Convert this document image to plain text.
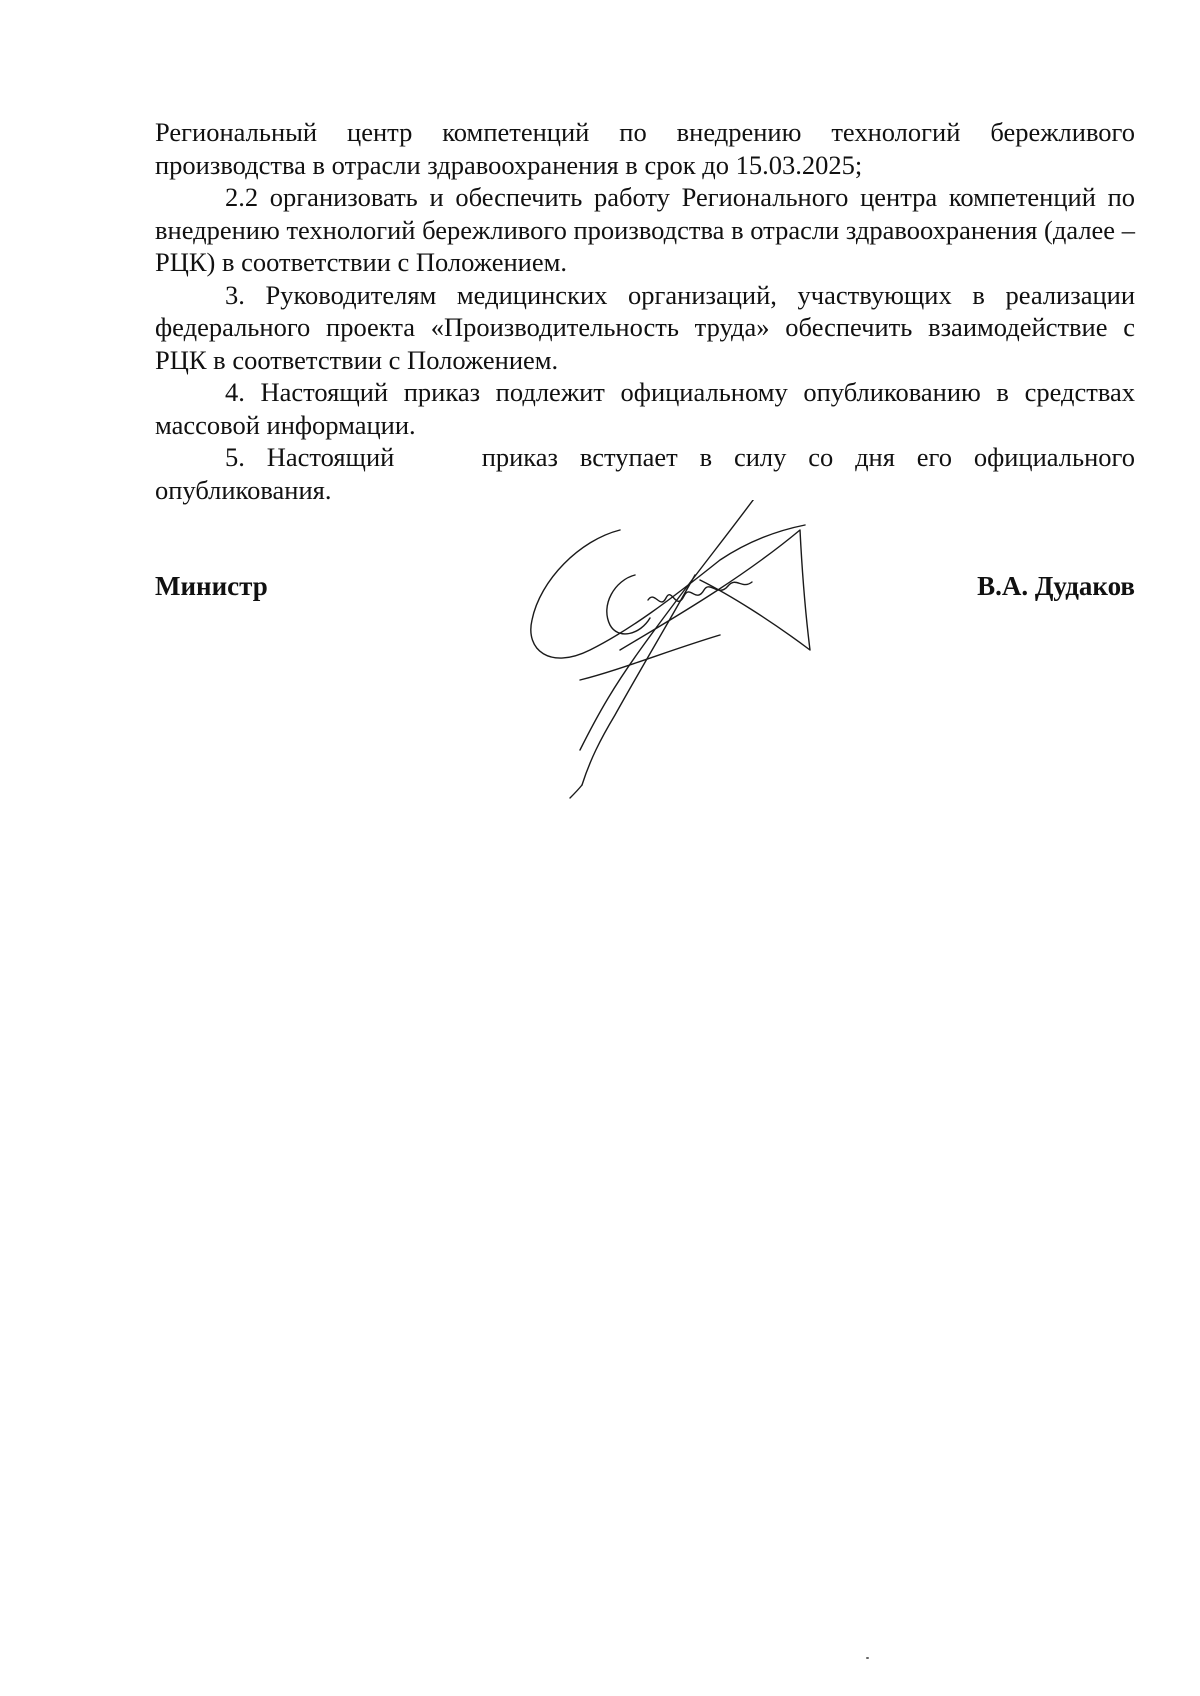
Региональный центр компетенций по внедрению технологий бережливого производства в отрасли здравоохранения в срок до 15.03.2025;

2.2 организовать и обеспечить работу Регионального центра компетенций по внедрению технологий бережливого производства в отрасли здравоохранения (далее – РЦК) в соответствии с Положением.

3. Руководителям медицинских организаций, участвующих в реализации федерального проекта «Производительность труда» обеспечить взаимодействие с РЦК в соответствии с Положением.

4. Настоящий приказ подлежит официальному опубликованию в средствах массовой информации.

5. Настоящий    приказ вступает в силу со дня его официального опубликования.

Министр	В.А. Дудаков
